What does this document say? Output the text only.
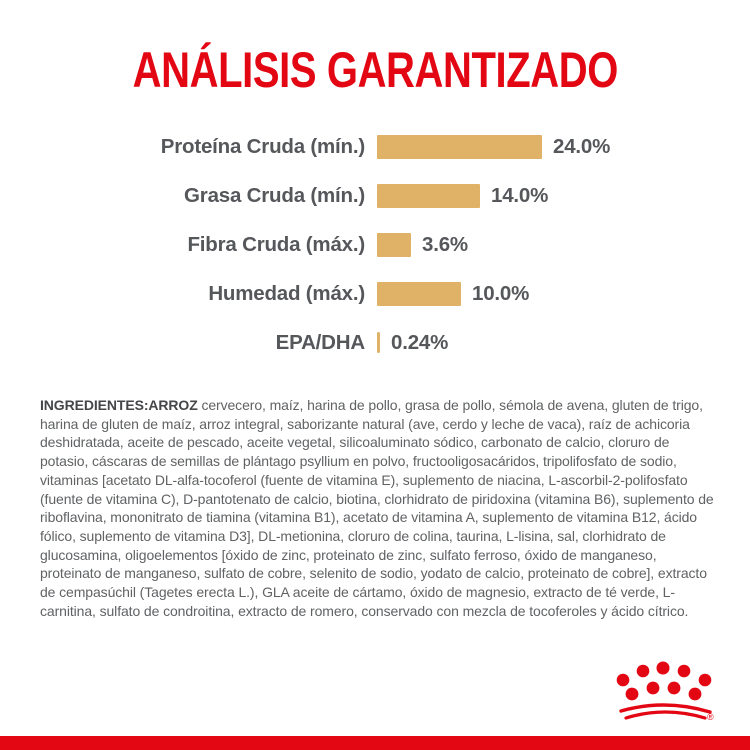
ANÁLISIS GARANTIZADO
Proteína Cruda (mín.)	24.0%
Grasa Cruda (mín.)	14.0%
Fibra Cruda (máx.)	3.6%
Humedad (máx.)	10.0%
EPA/DHA 0.24%

INGREDIENTES:ARROZ cervecero, maíz, harina de pollo, grasa de pollo, sémola de avena, gluten de trigo, harina de gluten de maíz, arroz integral, saborizante natural (ave, cerdo y leche de vaca), raíz de achicoria deshidratada, aceite de pescado, aceite vegetal, silicoaluminato sódico, carbonato de calcio, cloruro de potasio, cáscaras de semillas de plántago psyllium en polvo, fructooligosacáridos, tripolifosfato de sodio, vitaminas [acetato DL-alfa-tocoferol (fuente de vitamina E), suplemento de niacina, L-ascorbil-2-polifosfato (fuente de vitamina C), D-pantotenato de calcio, biotina, clorhidrato de piridoxina (vitamina B6), suplemento de riboflavina, mononitrato de tiamina (vitamina B1), acetato de vitamina A, suplemento de vitamina B12, ácido fólico, suplemento de vitamina D3], DL-metionina, cloruro de colina, taurina, L-lisina, sal, clorhidrato de glucosamina, oligoelementos [óxido de zinc, proteinato de zinc, sulfato ferroso, óxido de manganeso, proteinato de manganeso, sulfato de cobre, selenito de sodio, yodato de calcio, proteinato de cobre], extracto de cempasúchil (Tagetes erecta L.), GLA aceite de cártamo, óxido de magnesio, extracto de té verde, L-carnitina, sulfato de condroitina, extracto de romero, conservado con mezcla de tocoferoles y ácido cítrico.

®
